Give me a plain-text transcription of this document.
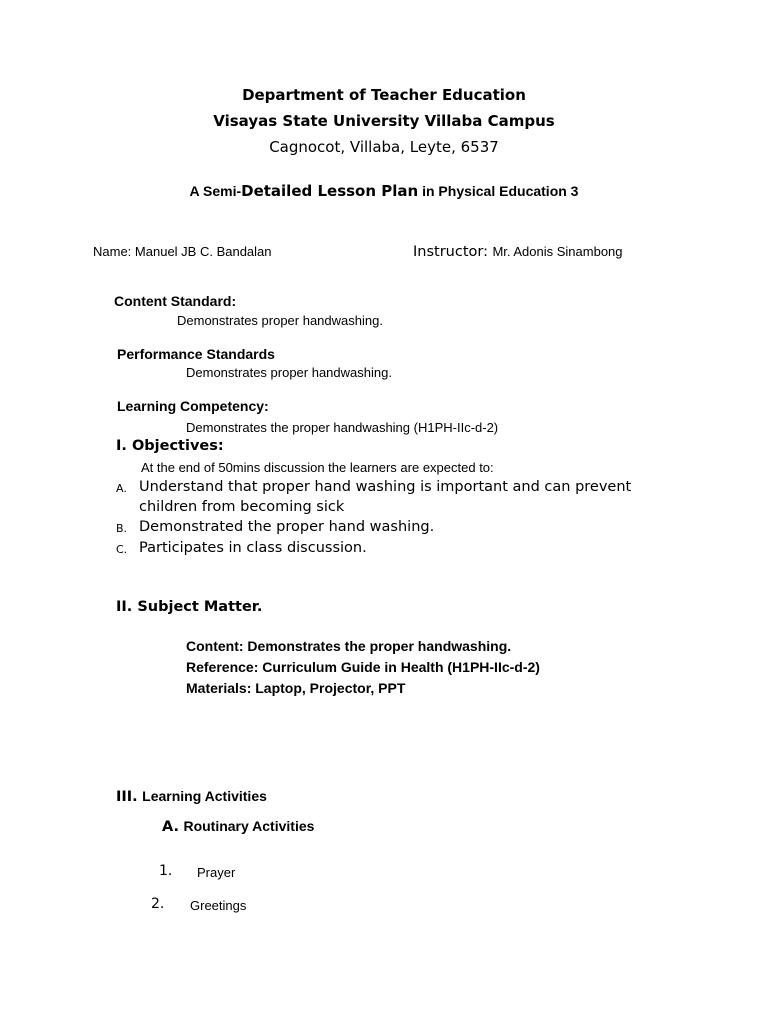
Department of Teacher Education
Visayas State University Villaba Campus
Cagnocot, Villaba, Leyte, 6537
A Semi-Detailed Lesson Plan in Physical Education 3
Name: Manuel JB C. Bandalan	Instructor: Mr. Adonis Sinambong
Content Standard:
Demonstrates proper handwashing.
Performance Standards
Demonstrates proper handwashing.
Learning Competency:
Demonstrates the proper handwashing (H1PH-IIc-d-2)
I. Objectives:
At the end of 50mins discussion the learners are expected to:
A. Understand that proper hand washing is important and can prevent
children from becoming sick
B. Demonstrated the proper hand washing.
C. Participates in class discussion.
II. Subject Matter.
Content: Demonstrates the proper handwashing.
Reference: Curriculum Guide in Health (H1PH-IIc-d-2)
Materials: Laptop, Projector, PPT
III. Learning Activities
A. Routinary Activities
1. Prayer
2. Greetings
